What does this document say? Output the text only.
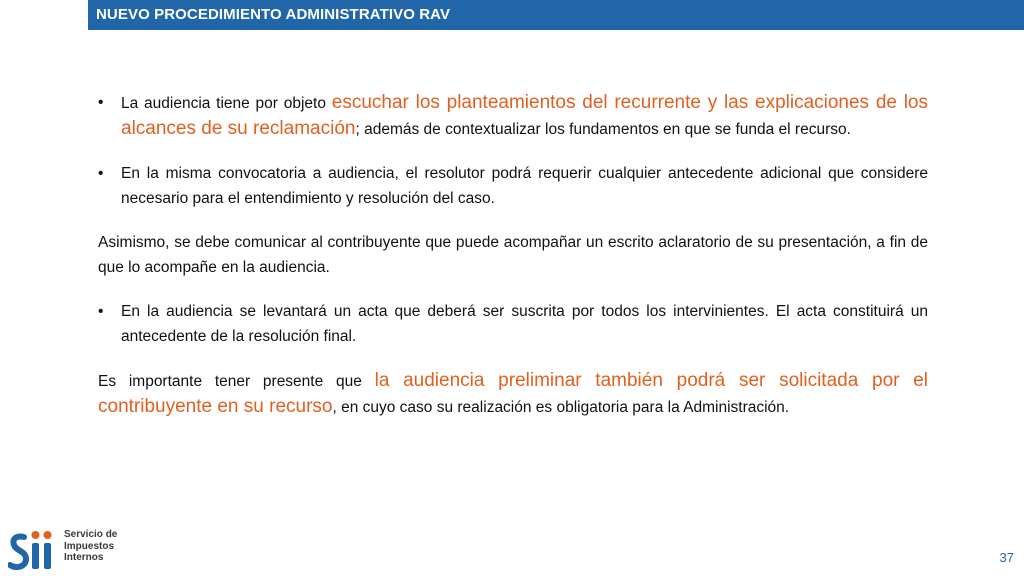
NUEVO PROCEDIMIENTO ADMINISTRATIVO RAV

• La audiencia tiene por objeto escuchar los planteamientos del recurrente y las explicaciones de los alcances de su reclamación; además de contextualizar los fundamentos en que se funda el recurso.

• En la misma convocatoria a audiencia, el resolutor podrá requerir cualquier antecedente adicional que considere necesario para el entendimiento y resolución del caso.

Asimismo, se debe comunicar al contribuyente que puede acompañar un escrito aclaratorio de su presentación, a fin de que lo acompañe en la audiencia.

• En la audiencia se levantará un acta que deberá ser suscrita por todos los intervinientes. El acta constituirá un antecedente de la resolución final.

Es importante tener presente que la audiencia preliminar también podrá ser solicitada por el contribuyente en su recurso, en cuyo caso su realización es obligatoria para la Administración.

Servicio de
Impuestos
Internos	37
